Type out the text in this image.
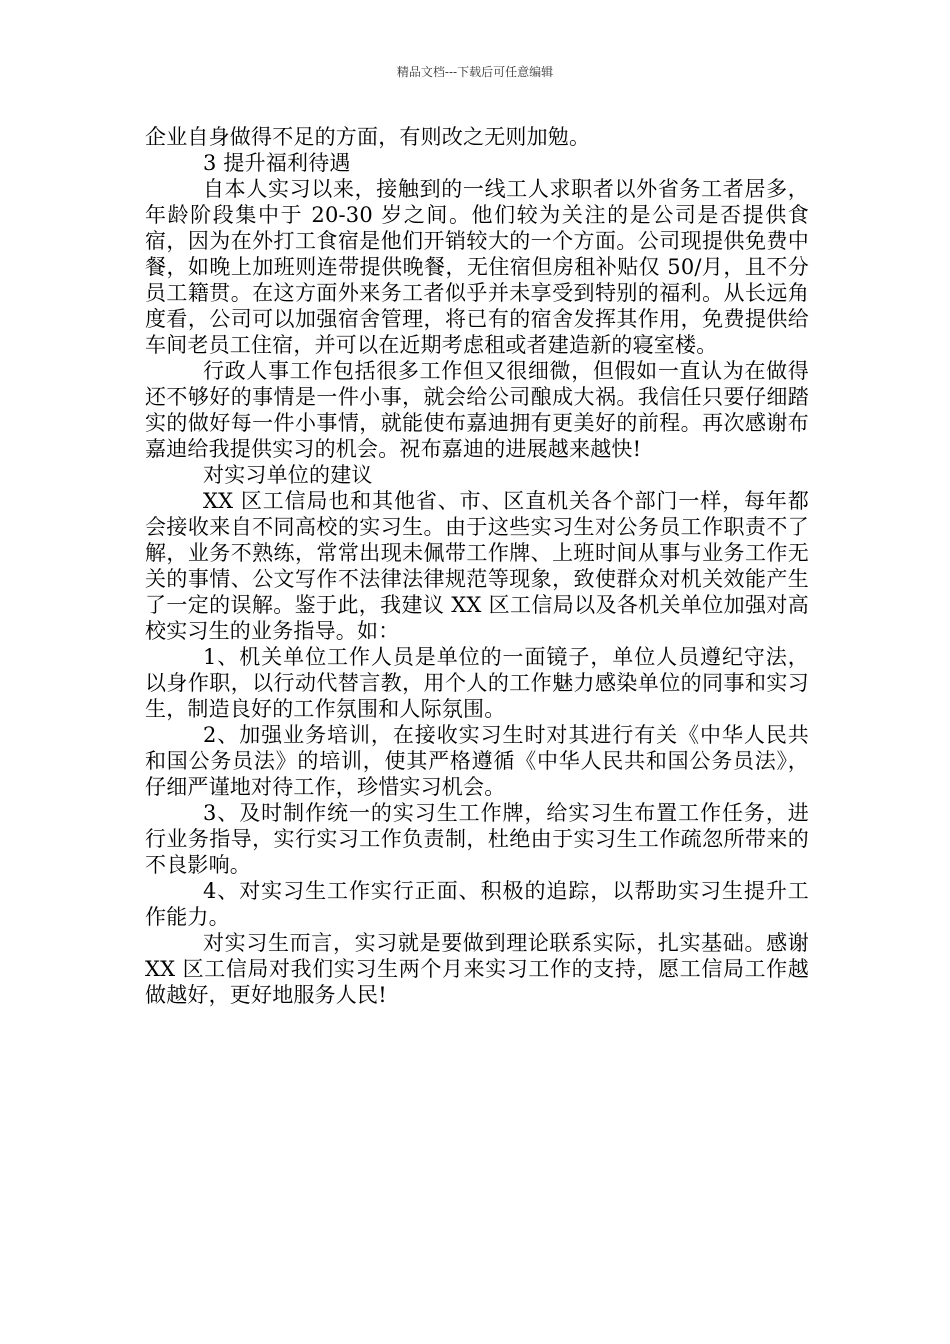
精品文档---下载后可任意编辑

企业自身做得不足的方面，有则改之无则加勉。

3 提升福利待遇

自本人实习以来，接触到的一线工人求职者以外省务工者居多，年龄阶段集中于 20-30 岁之间。他们较为关注的是公司是否提供食宿，因为在外打工食宿是他们开销较大的一个方面。公司现提供免费中餐，如晚上加班则连带提供晚餐，无住宿但房租补贴仅 50/月，且不分员工籍贯。在这方面外来务工者似乎并未享受到特别的福利。从长远角度看，公司可以加强宿舍管理，将已有的宿舍发挥其作用，免费提供给车间老员工住宿，并可以在近期考虑租或者建造新的寝室楼。

行政人事工作包括很多工作但又很细微，但假如一直认为在做得还不够好的事情是一件小事，就会给公司酿成大祸。我信任只要仔细踏实的做好每一件小事情，就能使布嘉迪拥有更美好的前程。再次感谢布嘉迪给我提供实习的机会。祝布嘉迪的进展越来越快!

对实习单位的建议

XX 区工信局也和其他省、市、区直机关各个部门一样，每年都会接收来自不同高校的实习生。由于这些实习生对公务员工作职责不了解，业务不熟练，常常出现未佩带工作牌、上班时间从事与业务工作无关的事情、公文写作不法律法律规范等现象，致使群众对机关效能产生了一定的误解。鉴于此，我建议 XX 区工信局以及各机关单位加强对高校实习生的业务指导。如：

1、机关单位工作人员是单位的一面镜子，单位人员遵纪守法，以身作职，以行动代替言教，用个人的工作魅力感染单位的同事和实习生，制造良好的工作氛围和人际氛围。

2、加强业务培训，在接收实习生时对其进行有关《中华人民共和国公务员法》的培训，使其严格遵循《中华人民共和国公务员法》，仔细严谨地对待工作，珍惜实习机会。

3、及时制作统一的实习生工作牌，给实习生布置工作任务，进行业务指导，实行实习工作负责制，杜绝由于实习生工作疏忽所带来的不良影响。

4、对实习生工作实行正面、积极的追踪，以帮助实习生提升工作能力。

对实习生而言，实习就是要做到理论联系实际，扎实基础。感谢 XX 区工信局对我们实习生两个月来实习工作的支持，愿工信局工作越做越好，更好地服务人民!
